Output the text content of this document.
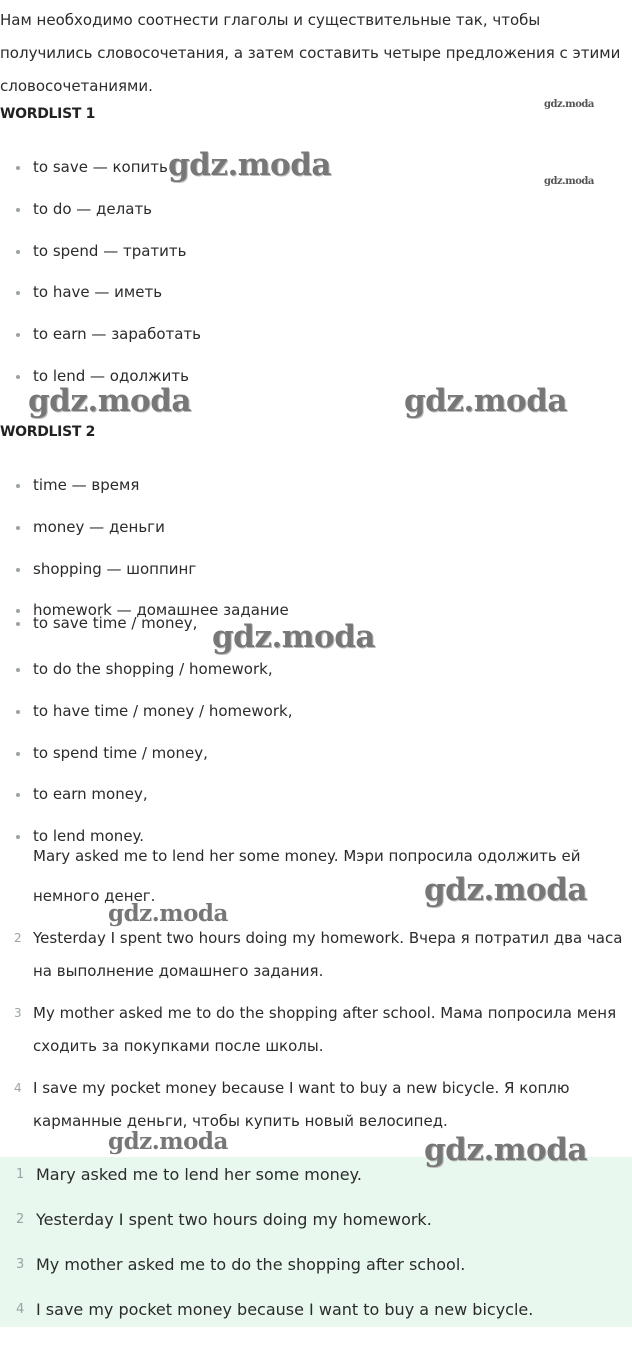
Нам необходимо соотнести глаголы и существительные так, чтобы получились словосочетания, а затем составить четыре предложения с этими словосочетаниями.

WORDLIST 1
to save — копить
to do — делать
to spend — тратить
to have — иметь
to earn — заработать
to lend — одолжить
WORDLIST 2
time — время
money — деньги
shopping — шоппинг
homework — домашнее задание
to save time / money,
to do the shopping / homework,
to have time / money / homework,
to spend time / money,
to earn money,
to lend money.
Mary asked me to lend her some money. Мэри попросила одолжить ей
немного денег.
2 Yesterday I spent two hours doing my homework. Вчера я потратил два часа на выполнение домашнего задания.
3 My mother asked me to do the shopping after school. Мама попросила меня сходить за покупками после школы.
4 I save my pocket money because I want to buy a new bicycle. Я коплю карманные деньги, чтобы купить новый велосипед.
1 Mary asked me to lend her some money.
2 Yesterday I spent two hours doing my homework.
3 My mother asked me to do the shopping after school.
4 I save my pocket money because I want to buy a new bicycle.
gdz.moda
gdz.moda
gdz.moda
gdz.moda	gdz.moda
gdz.moda
gdz.moda
gdz.moda
gdz.moda	gdz.moda
